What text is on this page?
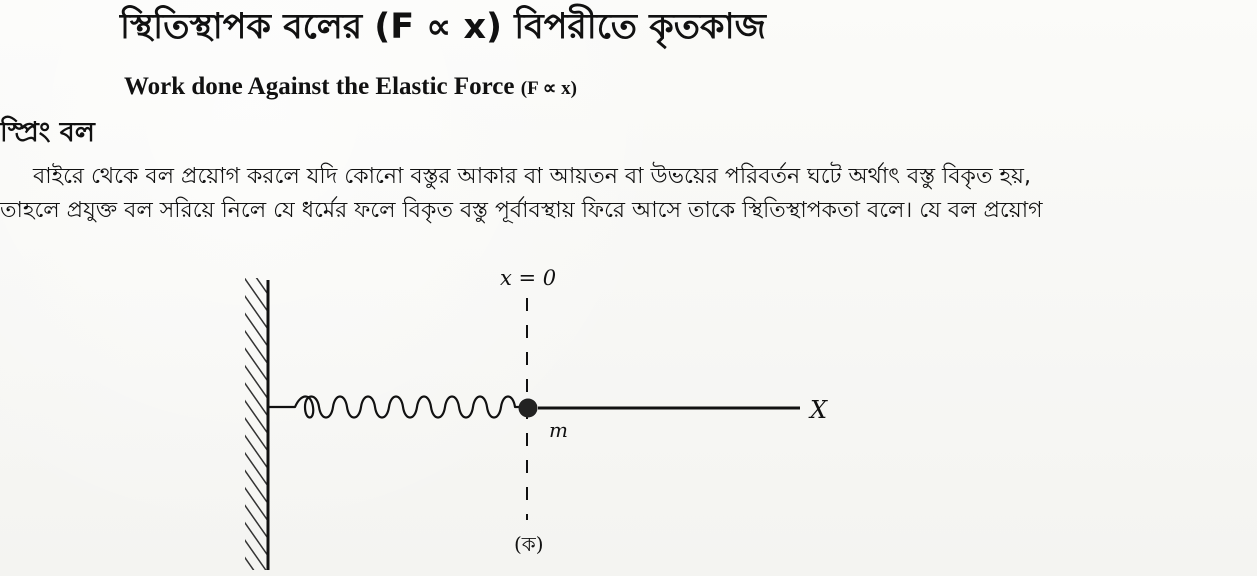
স্থিতিস্থাপক বলের (F ∝ x) বিপরীতে কৃতকাজ
Work done Against the Elastic Force (F ∝ x)
স্প্রিং বল
বাইরে থেকে বল প্রয়োগ করলে যদি কোনো বস্তুর আকার বা আয়তন বা উভয়ের পরিবর্তন ঘটে অর্থাৎ বস্তু বিকৃত হয়,
তাহলে প্রযুক্ত বল সরিয়ে নিলে যে ধর্মের ফলে বিকৃত বস্তু পূর্বাবস্থায় ফিরে আসে তাকে স্থিতিস্থাপকতা বলে। যে বল প্রয়োগ
x = 0
m
X
(ক)
